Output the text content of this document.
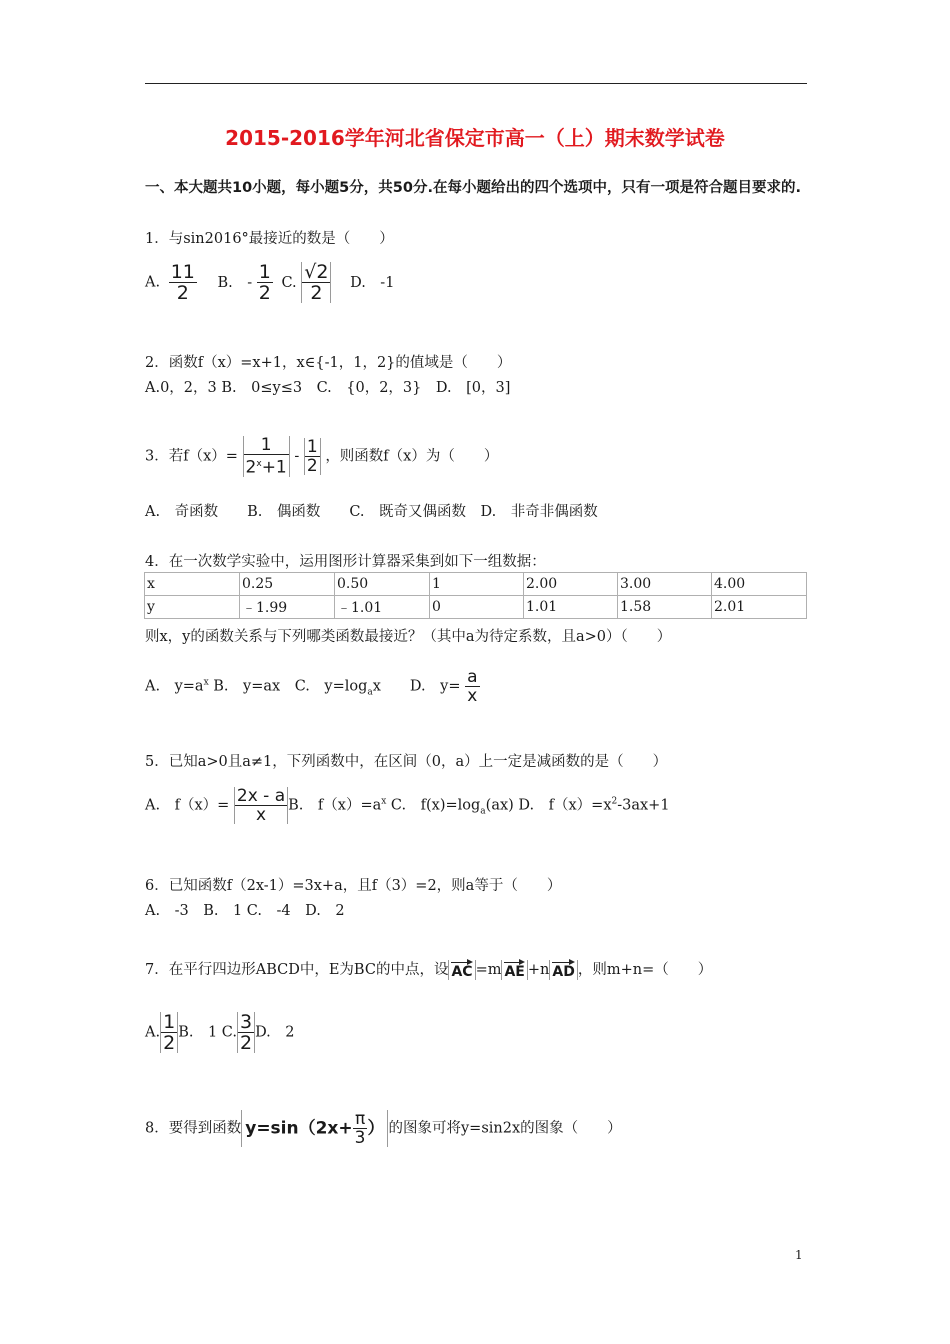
2015-2016学年河北省保定市高一（上）期末数学试卷
一、本大题共10小题，每小题5分，共50分.在每小题给出的四个选项中，只有一项是符合题目要求的.
1．与sin2016°最接近的数是（　　）
A. $\frac{11}{2} B$.　- $\frac{1}{2} C$. $\frac{√2}{2} D$.　-1
2．函数f（x）=x+1，x∈{-1，1，2}的值域是（　　）
A.0，2，3 B.　0≤y≤3　C.　{0，2，3}　D.　[0，3]
3．若$f(x)= \frac{1}{2^x+1} - \frac{1}{2}$ ，则函数f（x）为（　　）
A.　奇函数　　B.　偶函数　　C.　既奇又偶函数　D.　非奇非偶函数
4．在一次数学实验中，运用图形计算器采集到如下一组数据：
x	0.25	0.50	1	2.00	3.00	4.00
y	﹣1.99	﹣1.01	0	1.01	1.58	2.01
则x，y的函数关系与下列哪类函数最接近？（其中a为待定系数，且a>0）（　　）
A.　$y=a^x$ B.　y=ax　C.　$y=\log_ax$　　D.　$y= \frac{a}{x}$
5．已知a>0且a≠1，下列函数中，在区间（0，a）上一定是减函数的是（　　）
A.　$f(x)= \frac{2x - a}{x} B$.　$f(x)=a^x$ C.　$f(x)=\log_a(ax)$ D.　$f(x)=x^2-3ax+1$
6．已知函数f（2x-1）=3x+a，且f（3）=2，则a等于（　　）
A.　-3　B.　1 C.　-4　D.　2
7．在平行四边形ABCD中，E为BC的中点，设 AC =m AE +n AD ，则m+n=（　　）
A. $\frac{1}{2} B$.　1 C. $\frac{3}{2} D$.　2
8．要得到函数 $y=\sin(2x+ \frac{\pi}{3}$ ） 的图象可将y=sin2x的图象（　　）
1
